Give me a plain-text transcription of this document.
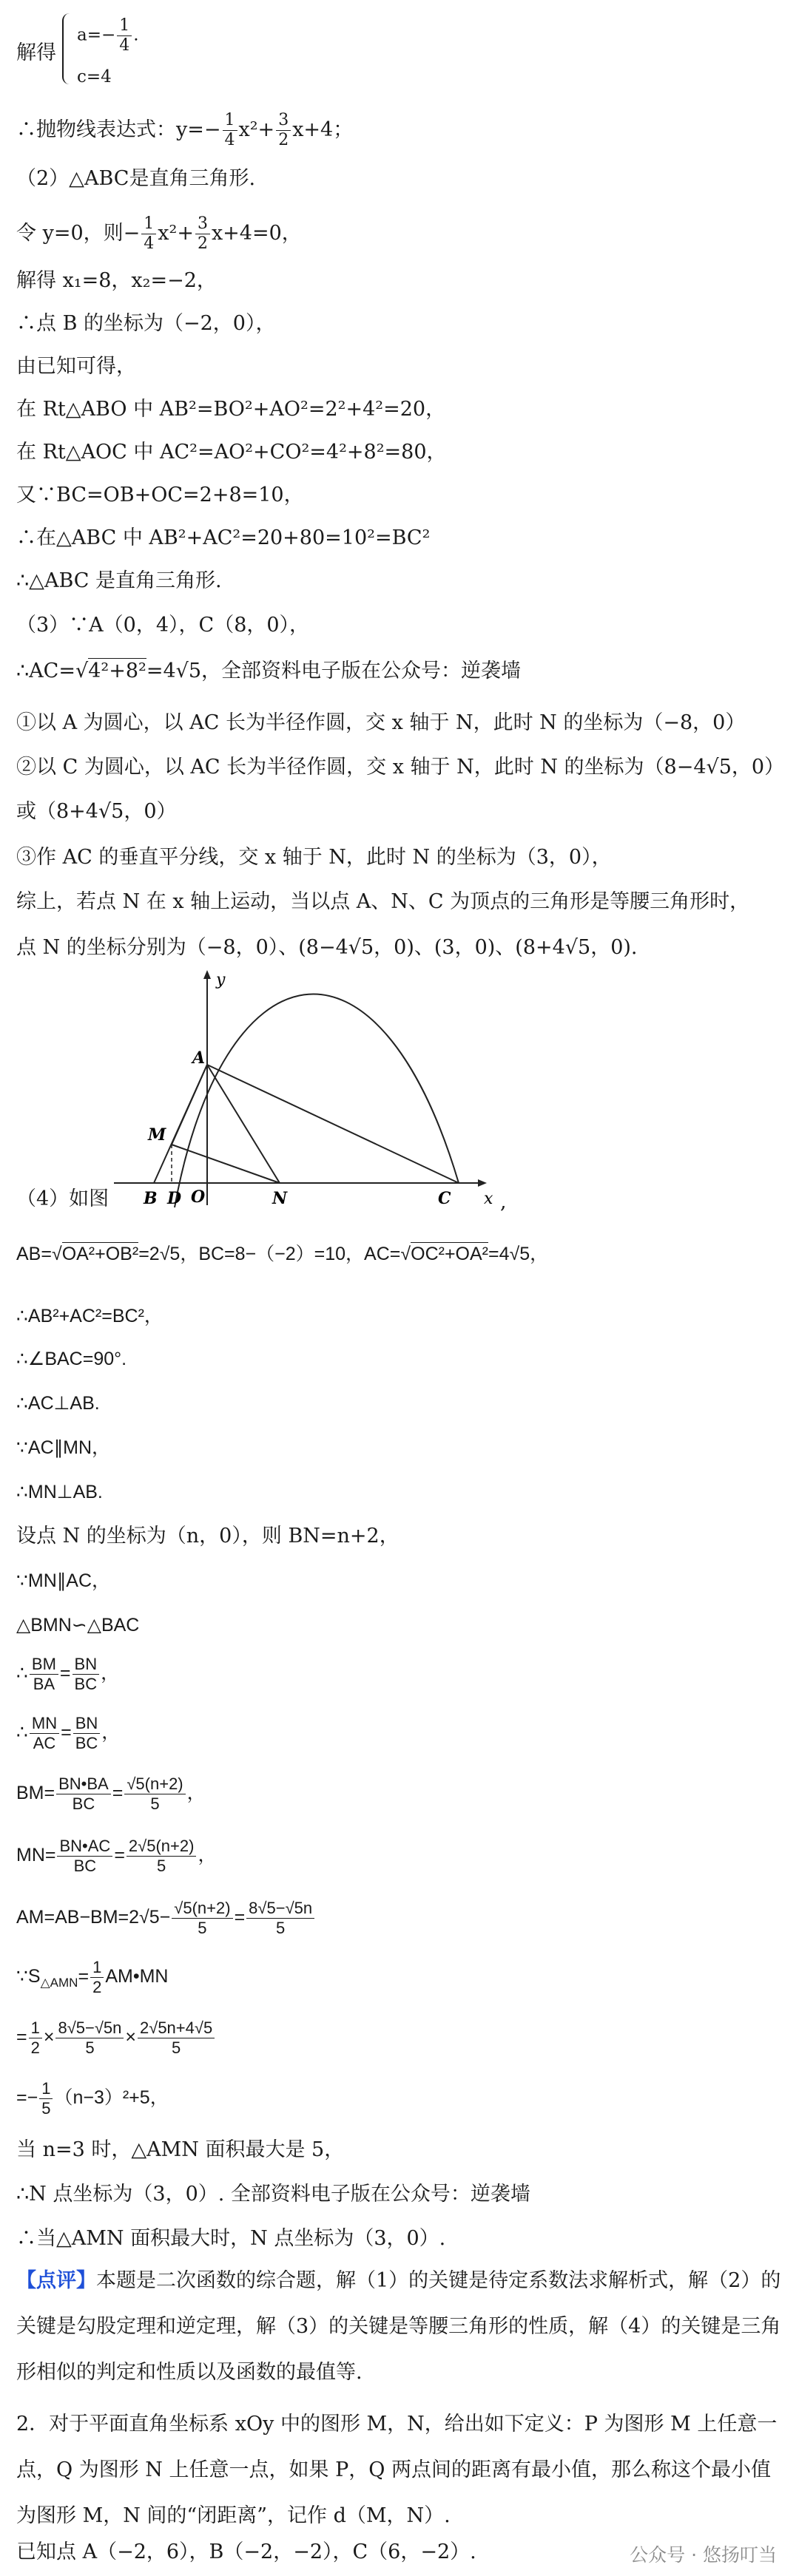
解得
$a=- \frac{1}{4}$ .
c=4
∴抛物线表达式：$y=- \frac{1}{4} x^2+ \frac{3}{2} x+4$；
（2）△ABC是直角三角形.
令 y=0，则− $\frac{1}{4} x^2+ \frac{3}{2} x+4=0$，
解得 x₁=8，x₂=−2，
∴点 B 的坐标为（−2，0），
由已知可得，
在 Rt△ABO 中 AB²=BO²+AO²=2²+4²=20，
在 Rt△AOC 中 AC²=AO²+CO²=4²+8²=80，
又∵BC=OB+OC=2+8=10，
∴在△ABC 中 AB²+AC²=20+80=10²=BC²
∴△ABC 是直角三角形.
（3）∵A（0，4），C（8，0），
∴AC=√4²+8²=4√5，全部资料电子版在公众号：逆袭墙
①以 A 为圆心，以 AC 长为半径作圆，交 x 轴于 N，此时 N 的坐标为（−8，0）
②以 C 为圆心，以 AC 长为半径作圆，交 x 轴于 N，此时 N 的坐标为（8−4√5，0）
或（8+4√5，0）
③作 AC 的垂直平分线，交 x 轴于 N，此时 N 的坐标为（3，0），
综上，若点 N 在 x 轴上运动，当以点 A、N、C 为顶点的三角形是等腰三角形时，
点 N 的坐标分别为（−8，0）、(8−4√5，0)、(3，0)、(8+4√5，0).
y
x
A
M
B D O	N	C
（4）如图	,
AB=√OA²+OB²=2√5，BC=8−（−2）=10，AC=√OC²+OA²=4√5，
∴AB²+AC²=BC²，
∴∠BAC=90°.
∴AC⊥AB.
∵AC∥MN，
∴MN⊥AB.
设点 N 的坐标为（n，0），则 BN=n+2，
∵MN∥AC，
△BMN∽△BAC
∴ $\frac{BM}{BA} = \frac{BN}{BC}$ ，
∴ $\frac{MN}{AC} = \frac{BN}{BC}$ ，
$BM= \frac{BN•BA}{BC} = \frac{√5(n+2)}{5}$ ，
$MN= \frac{BN•AC}{BC} = \frac{2√5(n+2)}{5}$ ，
$AM=AB-BM=2√5- \frac{√5(n+2)}{5} = \frac{8√5-√5n}{5}$
$\because S_{\triangle AMN}= \frac{1}{2}$ AM•MN
= $\frac{1}{2} \times \frac{8√5-√5n}{5} \times \frac{2√5n+4√5}{5}$
=− $\frac{1}{5} (n-3)^2+5$，
当 n=3 时，△AMN 面积最大是 5，
∴N 点坐标为（3，0）. 全部资料电子版在公众号：逆袭墙
∴当△AMN 面积最大时，N 点坐标为（3，0）.
【点评】本题是二次函数的综合题，解（1）的关键是待定系数法求解析式，解（2）的关键是勾股定理和逆定理，解（3）的关键是等腰三角形的性质，解（4）的关键是三角形相似的判定和性质以及函数的最值等.
2．对于平面直角坐标系 xOy 中的图形 M，N，给出如下定义：P 为图形 M 上任意一点，Q 为图形 N 上任意一点，如果 P，Q 两点间的距离有最小值，那么称这个最小值为图形 M，N 间的“闭距离”，记作 d（M，N）.
已知点 A（−2，6），B（−2，−2），C（6，−2）.	公众号 · 悠扬叮当
